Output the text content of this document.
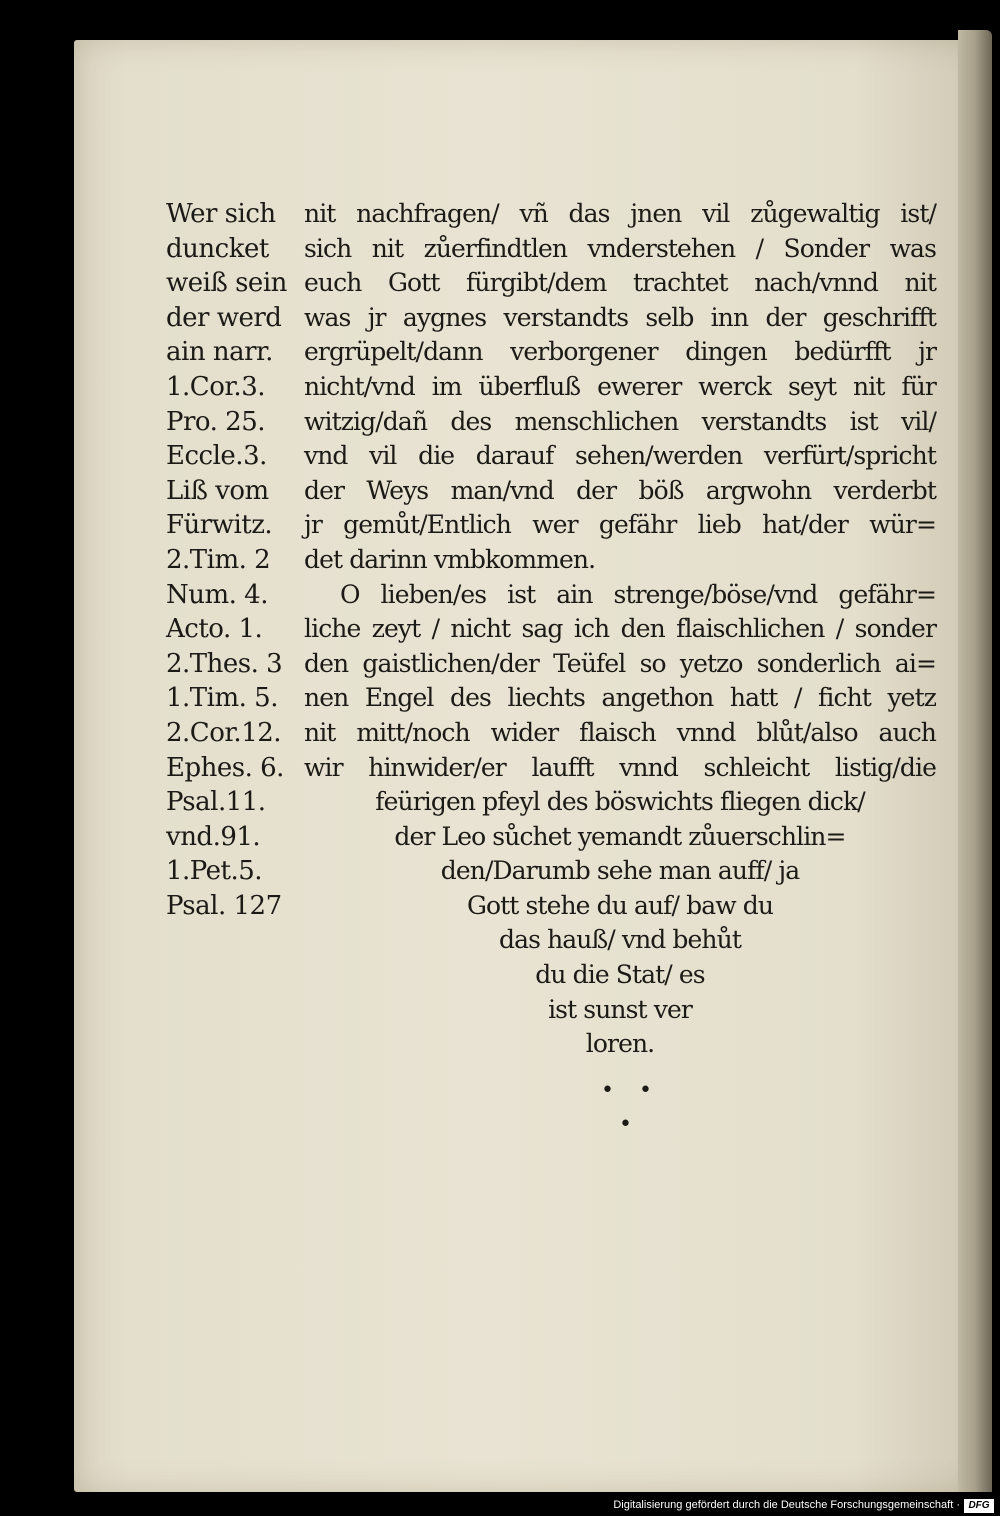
Wer sich
duncket
weiß sein
der werd
ain narr.
1.Cor.3.
Pro. 25.
Eccle.3.
Liß vom
Fürwitz.
2.Tim. 2
Num. 4.
Acto. 1.
2.Thes. 3
1.Tim. 5.
2.Cor.12.
Ephes. 6.
Psal.11.
vnd.91.
1.Pet.5.
Psal. 127
nit nachfragen/ vñ das jnen vil zůgewaltig ist/
sich nit zůerfindtlen vnderstehen / Sonder was
euch Gott fürgibt/dem trachtet nach/vnnd nit
was jr aygnes verstandts selb inn der geschrifft
ergrüpelt/dann verborgener dingen bedürfft jr
nicht/vnd im überfluß ewerer werck seyt nit für
witzig/dañ des menschlichen verstandts ist vil/
vnd vil die darauf sehen/werden verfürt/spricht
der Weys man/vnd der böß argwohn verderbt
jr gemůt/Entlich wer gefähr lieb hat/der wür=
det darinn vmbkommen.
O lieben/es ist ain strenge/böse/vnd gefähr=
liche zeyt / nicht sag ich den flaischlichen / sonder
den gaistlichen/der Teüfel so yetzo sonderlich ai=
nen Engel des liechts angethon hatt / ficht yetz
nit mitt/noch wider flaisch vnnd blůt/also auch
wir hinwider/er laufft vnnd schleicht listig/die
feürigen pfeyl des böswichts fliegen dick/
der Leo sůchet yemandt zůuerschlin=
den/Darumb sehe man auff/ ja
Gott stehe du auf/ baw du
das hauß/ vnd behůt
du die Stat/ es
ist sunst ver
loren.
• •
•
Digitalisierung gefördert durch die Deutsche Forschungsgemeinschaft · DFG
